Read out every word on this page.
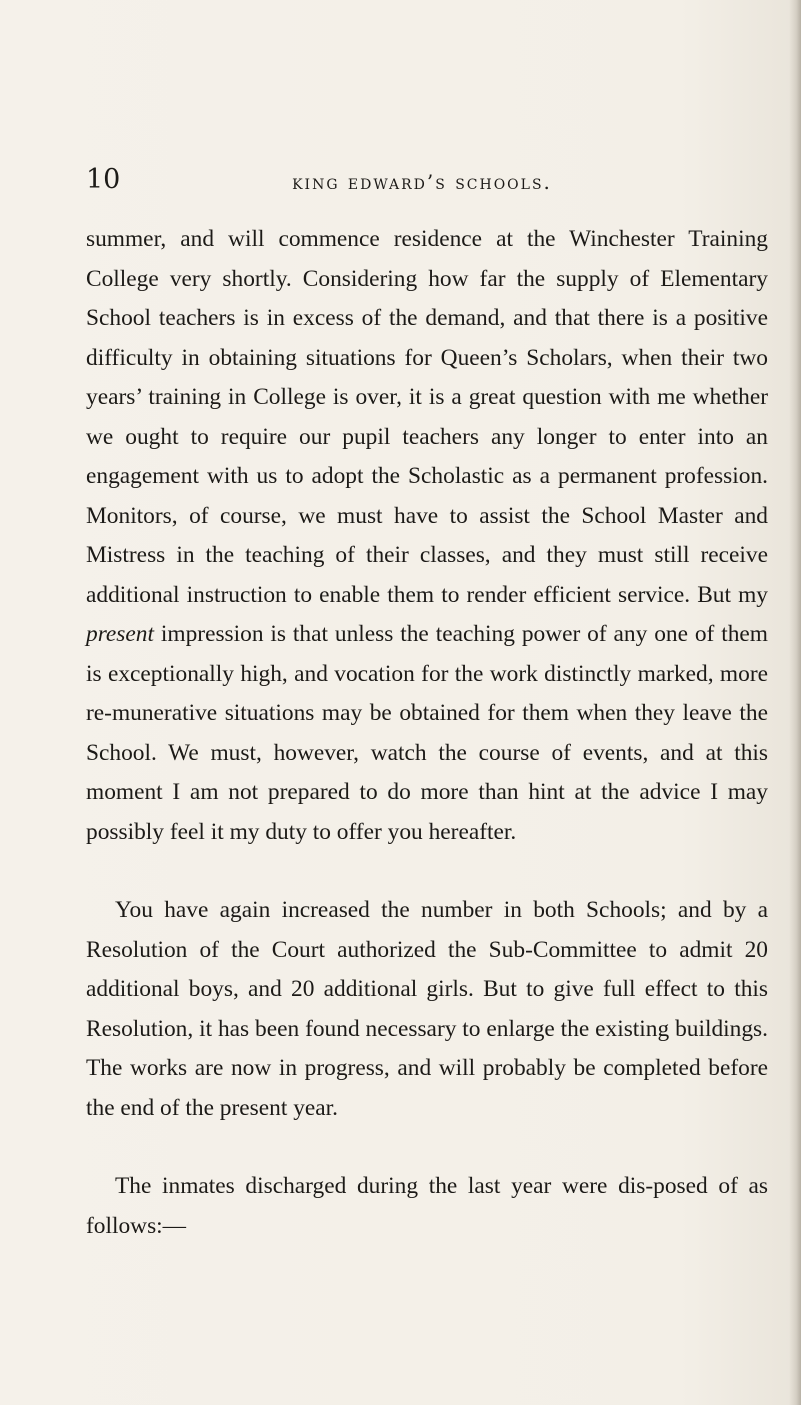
10	king edward’s schools.

summer, and will commence residence at the Winchester Training College very shortly. Considering how far the supply of Elementary School teachers is in excess of the demand, and that there is a positive difficulty in obtaining situations for Queen’s Scholars, when their two years’ training in College is over, it is a great question with me whether we ought to require our pupil teachers any longer to enter into an engagement with us to adopt the Scholastic as a permanent profession. Monitors, of course, we must have to assist the School Master and Mistress in the teaching of their classes, and they must still receive additional instruction to enable them to render efficient service. But my present impression is that unless the teaching power of any one of them is exceptionally high, and vocation for the work distinctly marked, more re-munerative situations may be obtained for them when they leave the School. We must, however, watch the course of events, and at this moment I am not prepared to do more than hint at the advice I may possibly feel it my duty to offer you hereafter.

You have again increased the number in both Schools; and by a Resolution of the Court authorized the Sub-Committee to admit 20 additional boys, and 20 additional girls. But to give full effect to this Resolution, it has been found necessary to enlarge the existing buildings. The works are now in progress, and will probably be completed before the end of the present year.

The inmates discharged during the last year were dis-posed of as follows:—
